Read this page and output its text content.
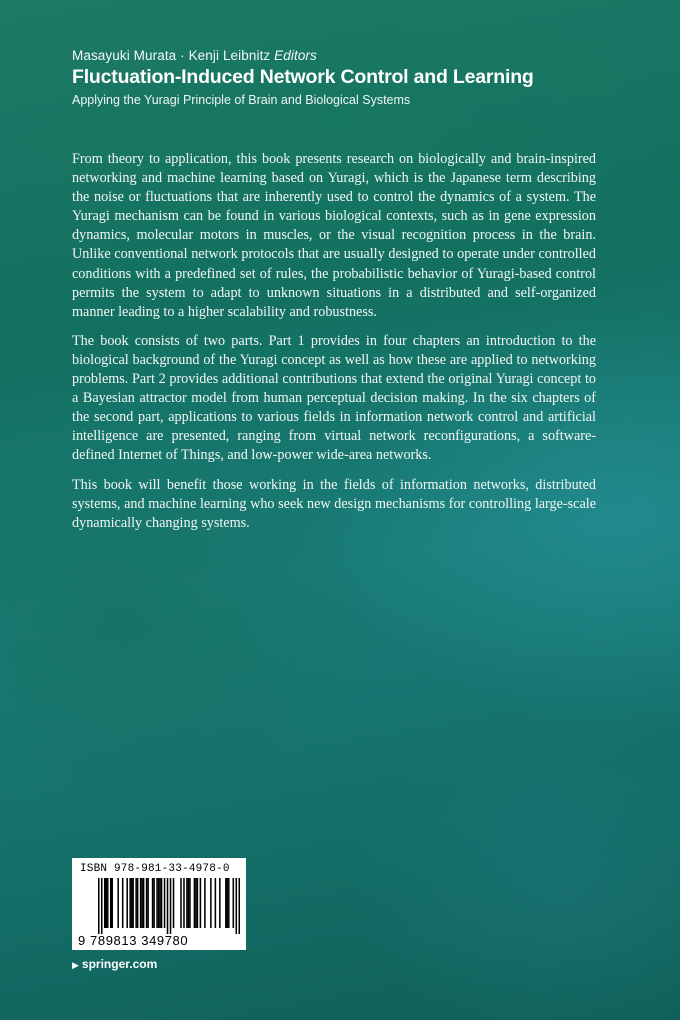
Masayuki Murata · Kenji Leibnitz Editors
Fluctuation-Induced Network Control and Learning
Applying the Yuragi Principle of Brain and Biological Systems

From theory to application, this book presents research on biologically and brain-inspired networking and machine learning based on Yuragi, which is the Japanese term describing the noise or fluctuations that are inherently used to control the dynamics of a system. The Yuragi mechanism can be found in various biological contexts, such as in gene expression dynamics, molecular motors in muscles, or the visual recognition process in the brain. Unlike conventional network protocols that are usually designed to operate under controlled conditions with a predefined set of rules, the probabilistic behavior of Yuragi-based control permits the system to adapt to unknown situations in a distributed and self-organized manner leading to a higher scalability and robustness.

The book consists of two parts. Part 1 provides in four chapters an introduction to the biological background of the Yuragi concept as well as how these are applied to networking problems. Part 2 provides additional contributions that extend the original Yuragi concept to a Bayesian attractor model from human perceptual decision making. In the six chapters of the second part, applications to various fields in information network control and artificial intelligence are presented, ranging from virtual network reconfigurations, a software-defined Internet of Things, and low-power wide-area networks.

This book will benefit those working in the fields of information networks, distributed systems, and machine learning who seek new design mechanisms for controlling large-scale dynamically changing systems.

ISBN 978-981-33-4978-0
9 789813 349780
▶ springer.com
